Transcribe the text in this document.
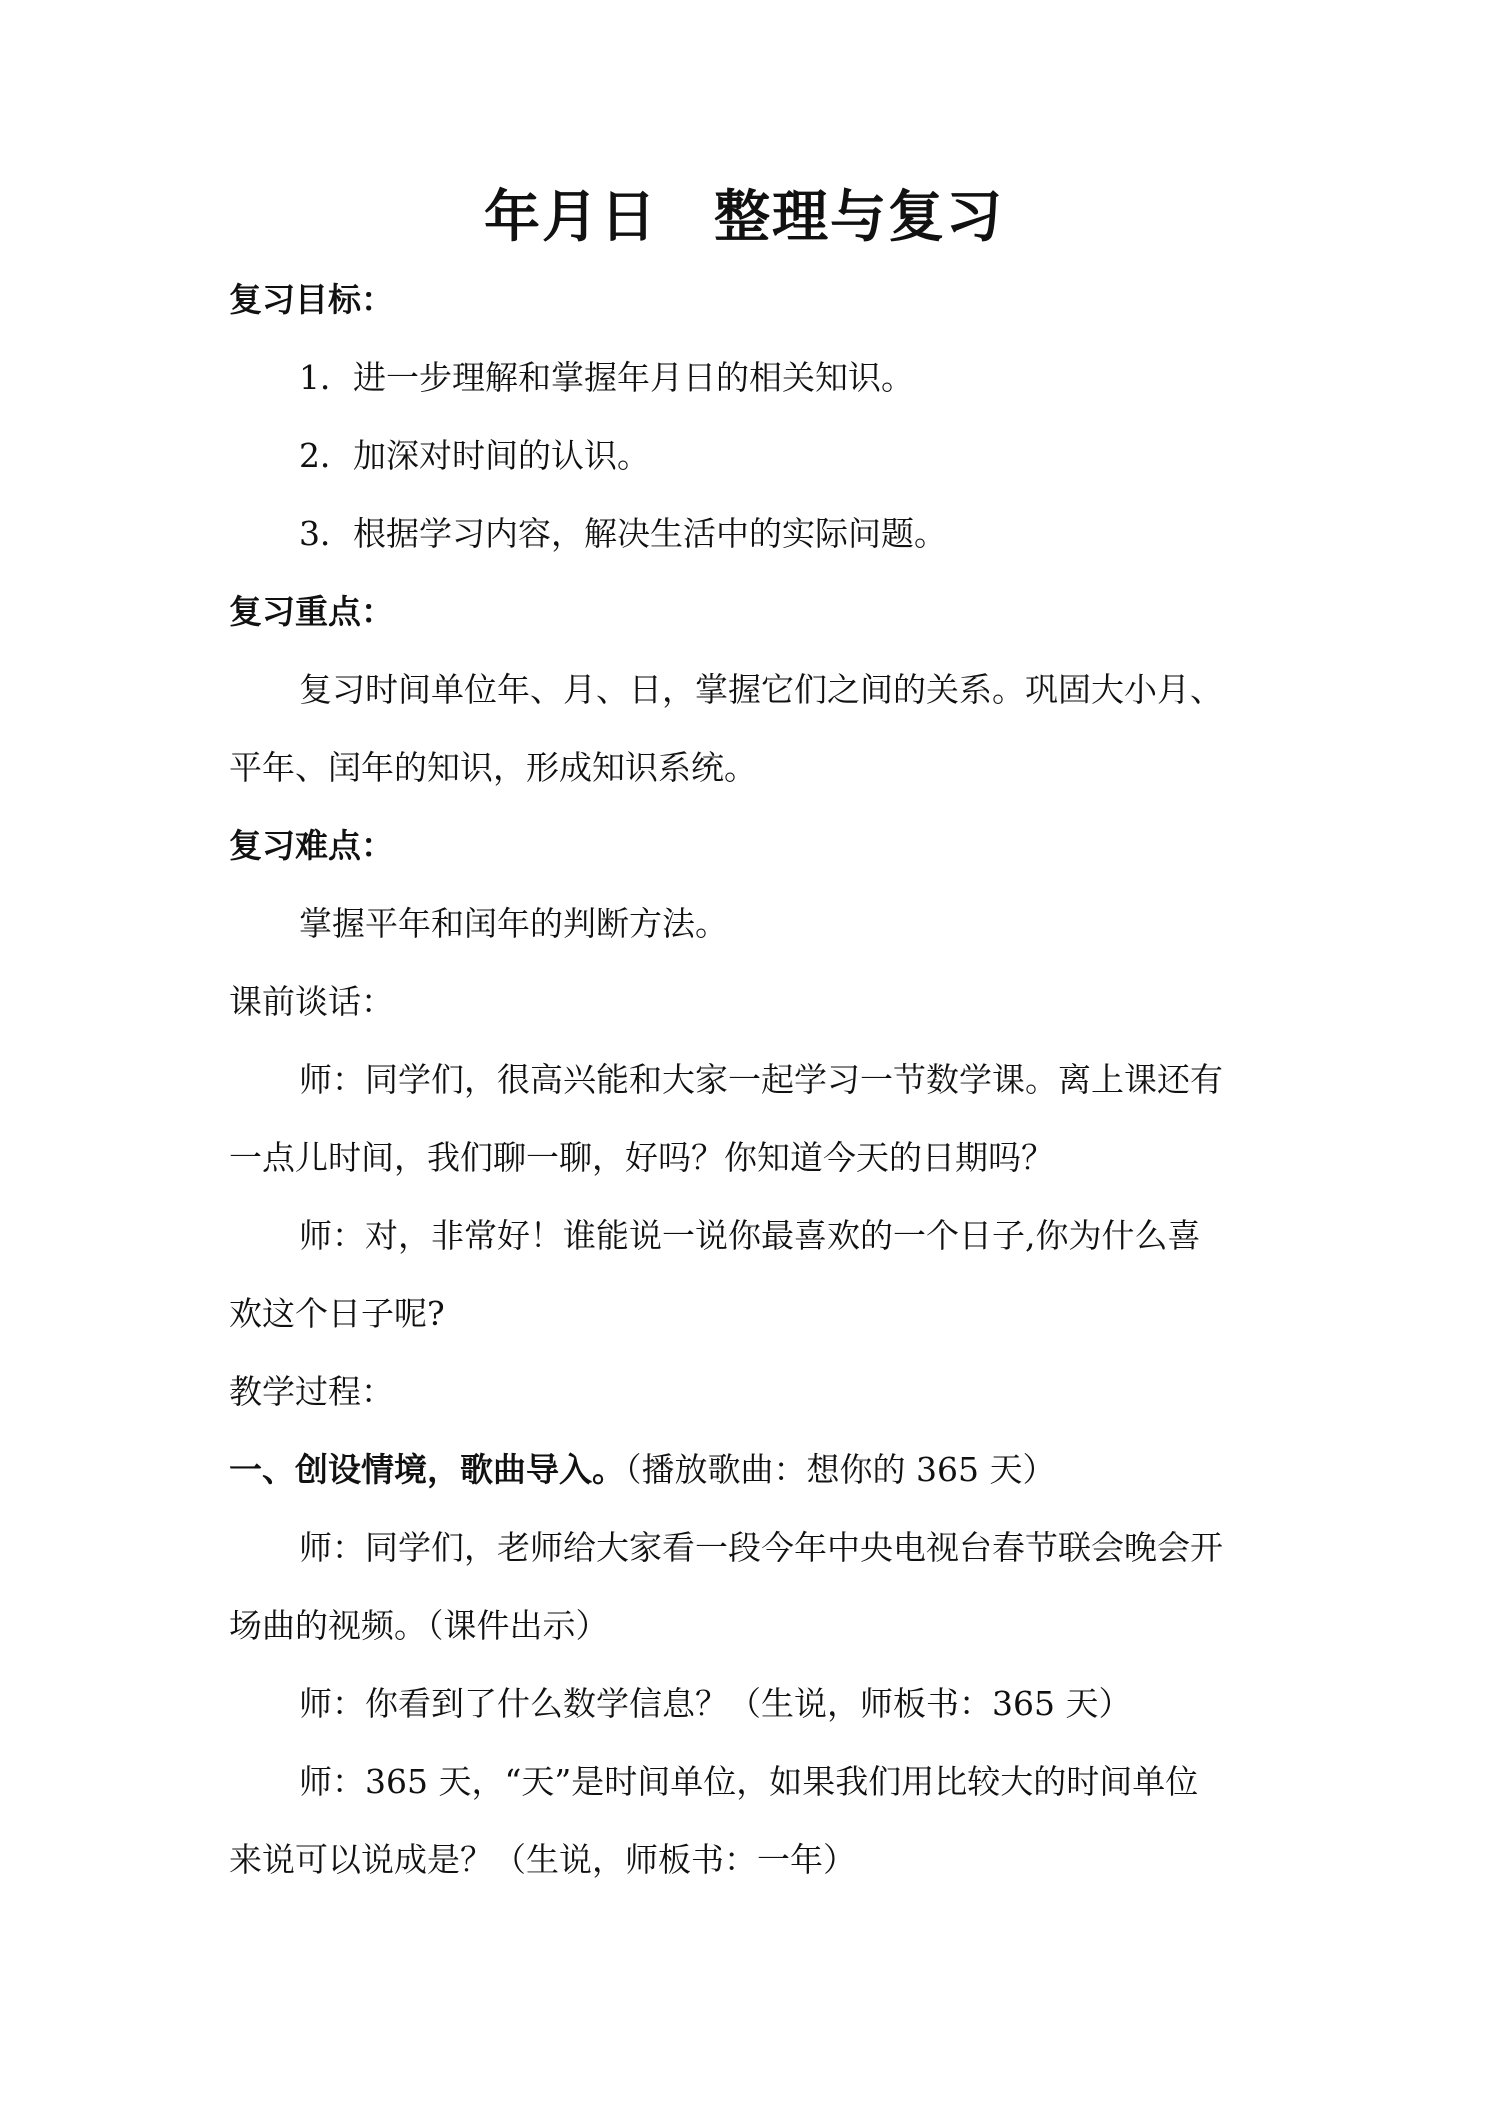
年月日 整理与复习
复习目标：
1．进一步理解和掌握年月日的相关知识。
2．加深对时间的认识。
3．根据学习内容，解决生活中的实际问题。
复习重点：
复习时间单位年、月、日，掌握它们之间的关系。巩固大小月、
平年、闰年的知识，形成知识系统。
复习难点：
掌握平年和闰年的判断方法。
课前谈话：
师：同学们，很高兴能和大家一起学习一节数学课。离上课还有
一点儿时间，我们聊一聊，好吗？你知道今天的日期吗？
师：对，非常好！谁能说一说你最喜欢的一个日子,你为什么喜
欢这个日子呢?
教学过程：
一、创设情境，歌曲导入。（播放歌曲：想你的 365 天）
师：同学们，老师给大家看一段今年中央电视台春节联会晚会开
场曲的视频。（课件出示）
师：你看到了什么数学信息？（生说，师板书：365 天）
师：365 天，“天”是时间单位，如果我们用比较大的时间单位
来说可以说成是？（生说，师板书：一年）
